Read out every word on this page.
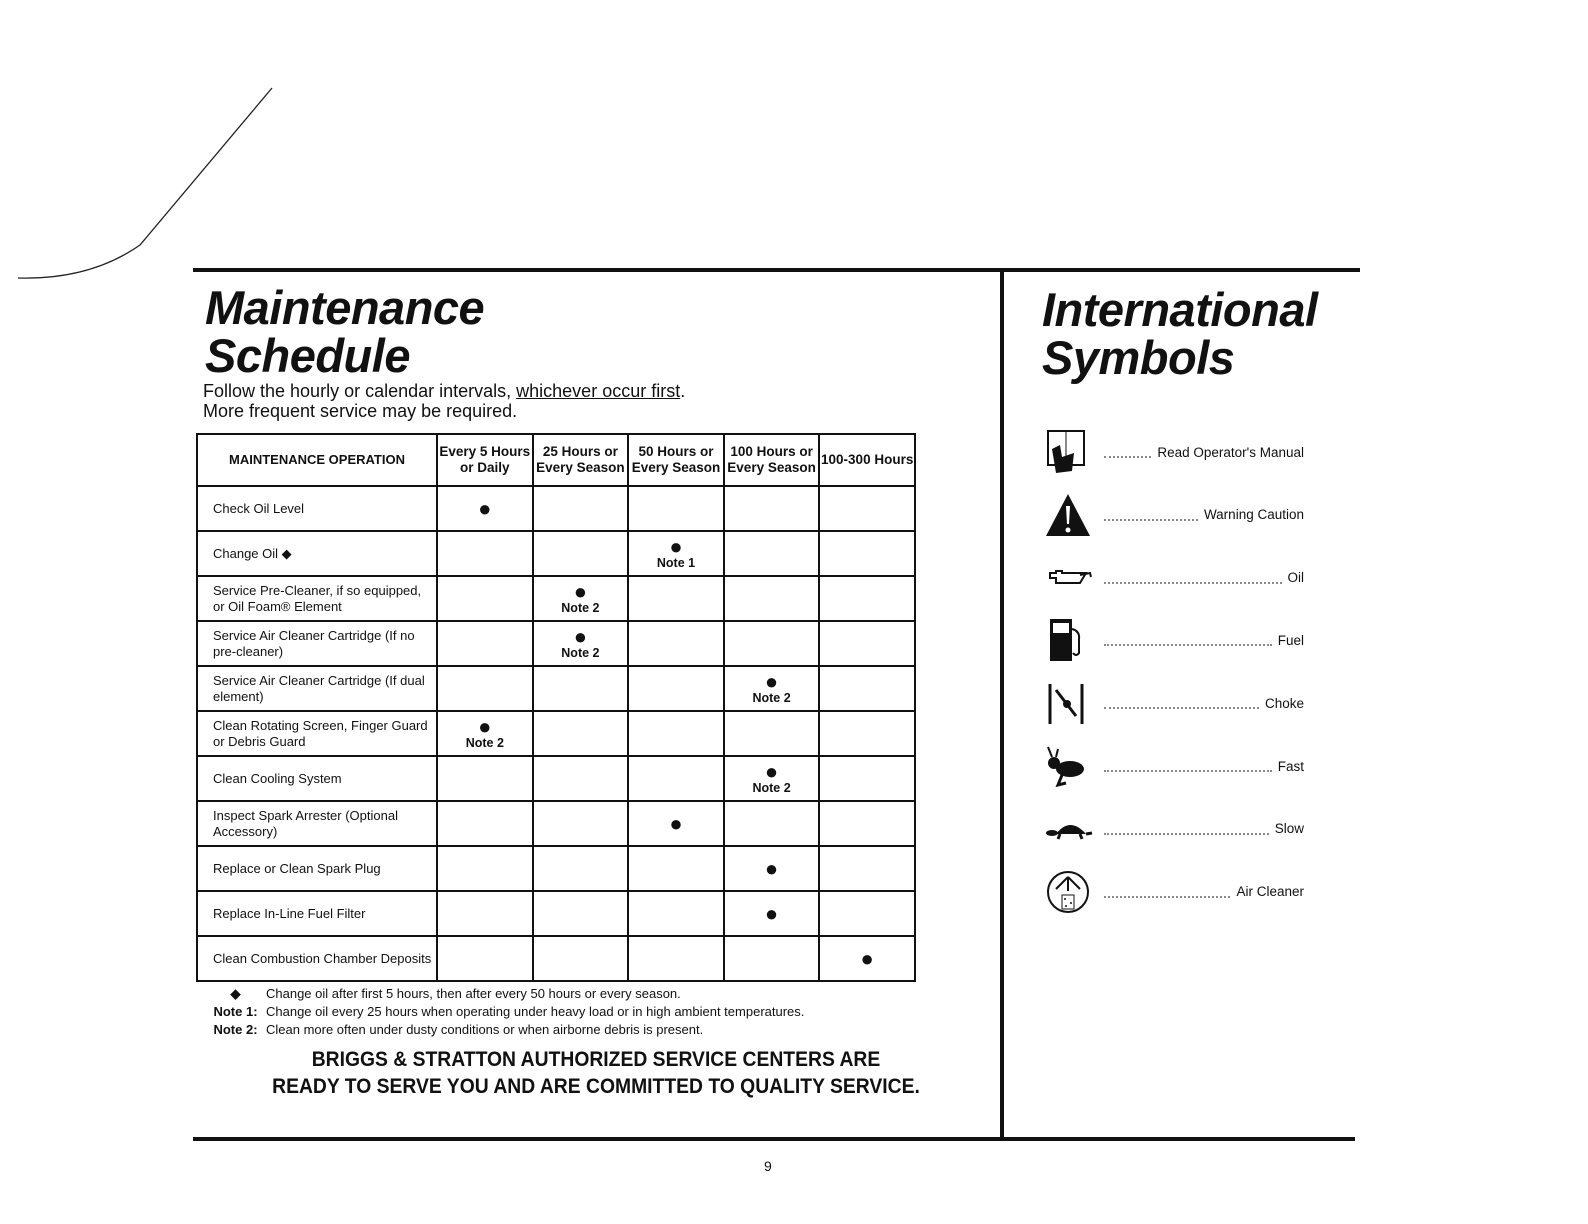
Maintenance
Schedule
Follow the hourly or calendar intervals, whichever occur first.
More frequent service may be required.
MAINTENANCE OPERATION	Every 5 Hours or Daily	25 Hours or Every Season	50 Hours or Every Season	100 Hours or Every Season	100-300 Hours
Check Oil Level	●				

Change Oil ◆			●
Note 1		

Service Pre-Cleaner, if so equipped, or Oil Foam® Element		●
Note 2			

Service Air Cleaner Cartridge (If no pre-cleaner)		●
Note 2			

Service Air Cleaner Cartridge (If dual element)				●
Note 2	

Clean Rotating Screen, Finger Guard or Debris Guard	●
Note 2				

Clean Cooling System				●
Note 2	

Inspect Spark Arrester (Optional Accessory)			●		

Replace or Clean Spark Plug				●	

Replace In-Line Fuel Filter				●	

Clean Combustion Chamber Deposits					●
◆	Change oil after first 5 hours, then after every 50 hours or every season.
Note 1: Change oil every 25 hours when operating under heavy load or in high ambient temperatures.
Note 2: Clean more often under dusty conditions or when airborne debris is present.
BRIGGS & STRATTON AUTHORIZED SERVICE CENTERS ARE
READY TO SERVE YOU AND ARE COMMITTED TO QUALITY SERVICE.
International
Symbols
Read Operator's Manual
Warning Caution
Oil
Fuel
Choke
Fast
Slow
Air Cleaner
9
